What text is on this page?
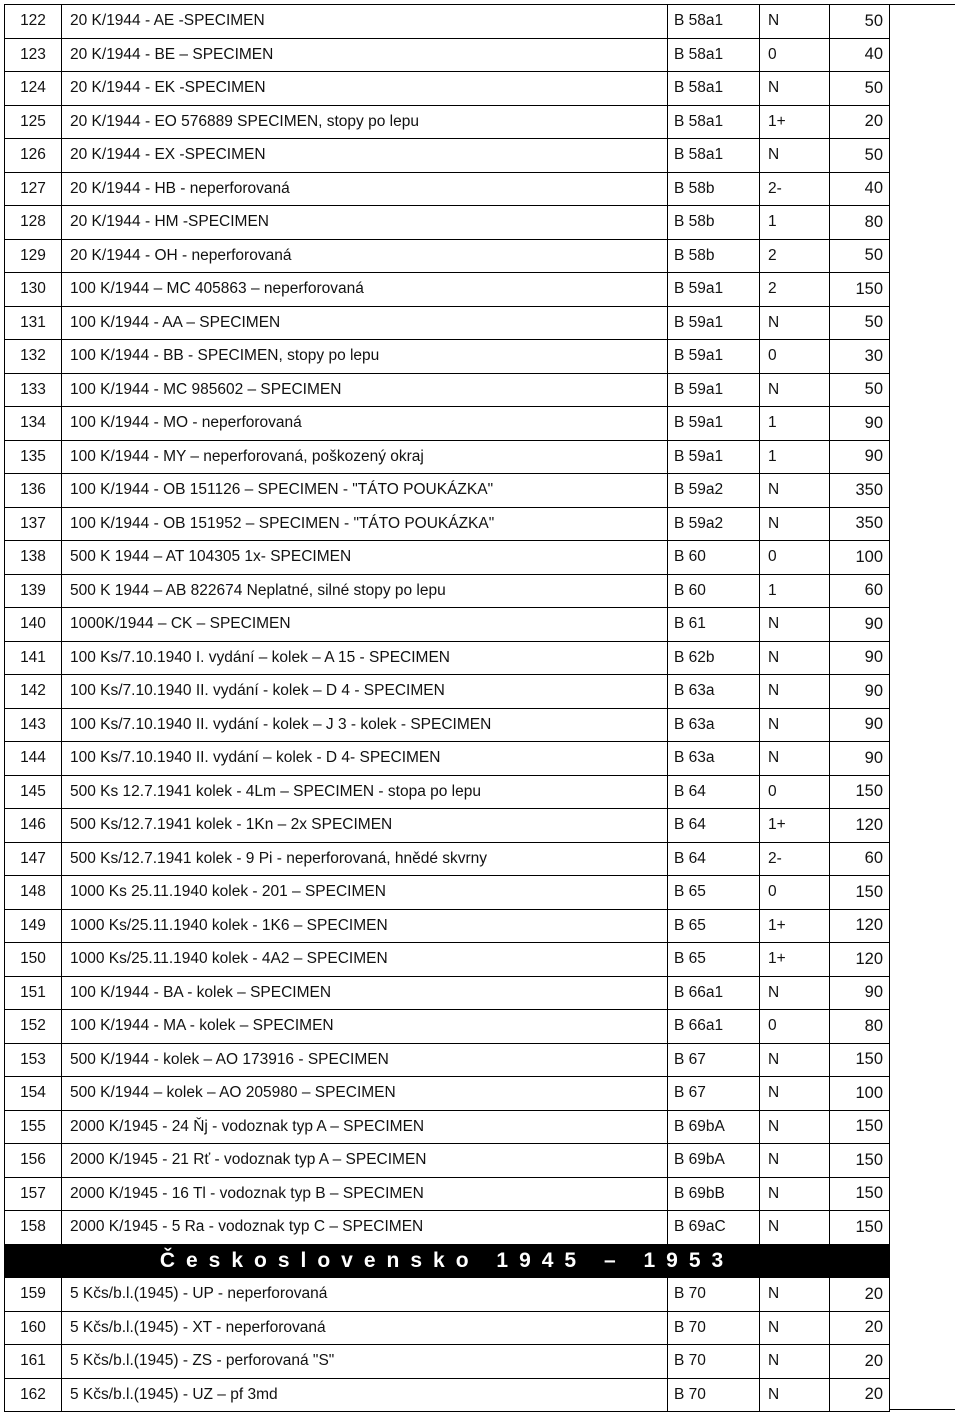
122	20 K/1944 - AE -SPECIMEN	B 58a1	N	50
123	20 K/1944 - BE – SPECIMEN	B 58a1	0	40
124	20 K/1944 - EK -SPECIMEN	B 58a1	N	50
125	20 K/1944 - EO 576889 SPECIMEN, stopy po lepu	B 58a1	1+	20
126	20 K/1944 - EX -SPECIMEN	B 58a1	N	50
127	20 K/1944 - HB - neperforovaná	B 58b	2-	40
128	20 K/1944 - HM -SPECIMEN	B 58b	1	80
129	20 K/1944 - OH - neperforovaná	B 58b	2	50
130	100 K/1944 – MC 405863 – neperforovaná	B 59a1	2	150
131	100 K/1944 - AA – SPECIMEN	B 59a1	N	50
132	100 K/1944 - BB - SPECIMEN, stopy po lepu	B 59a1	0	30
133	100 K/1944 - MC 985602 – SPECIMEN	B 59a1	N	50
134	100 K/1944 - MO - neperforovaná	B 59a1	1	90
135	100 K/1944 - MY – neperforovaná, poškozený okraj	B 59a1	1	90
136	100 K/1944 - OB 151126 – SPECIMEN - "TÁTO POUKÁZKA"	B 59a2	N	350
137	100 K/1944 - OB 151952 – SPECIMEN - "TÁTO POUKÁZKA"	B 59a2	N	350
138	500 K 1944 – AT 104305 1x- SPECIMEN	B 60	0	100
139	500 K 1944 – AB 822674 Neplatné, silné stopy po lepu	B 60	1	60
140	1000K/1944 – CK – SPECIMEN	B 61	N	90
141	100 Ks/7.10.1940 I. vydání – kolek – A 15 - SPECIMEN	B 62b	N	90
142	100 Ks/7.10.1940 II. vydání - kolek – D 4 - SPECIMEN	B 63a	N	90
143	100 Ks/7.10.1940 II. vydání - kolek – J 3 - kolek - SPECIMEN	B 63a	N	90
144	100 Ks/7.10.1940 II. vydání – kolek - D 4- SPECIMEN	B 63a	N	90
145	500 Ks 12.7.1941 kolek - 4Lm – SPECIMEN - stopa po lepu	B 64	0	150
146	500 Ks/12.7.1941 kolek - 1Kn – 2x SPECIMEN	B 64	1+	120
147	500 Ks/12.7.1941 kolek - 9 Pi - neperforovaná, hnědé skvrny	B 64	2-	60
148	1000 Ks 25.11.1940 kolek - 201 – SPECIMEN	B 65	0	150
149	1000 Ks/25.11.1940 kolek - 1K6 – SPECIMEN	B 65	1+	120
150	1000 Ks/25.11.1940 kolek - 4A2 – SPECIMEN	B 65	1+	120
151	100 K/1944 - BA - kolek – SPECIMEN	B 66a1	N	90
152	100 K/1944 - MA - kolek – SPECIMEN	B 66a1	0	80
153	500 K/1944 - kolek – AO 173916 - SPECIMEN	B 67	N	150
154	500 K/1944 – kolek – AO 205980 – SPECIMEN	B 67	N	100
155	2000 K/1945 - 24 Ňj - vodoznak typ A – SPECIMEN	B 69bA	N	150
156	2000 K/1945 - 21 Rť - vodoznak typ A – SPECIMEN	B 69bA	N	150
157	2000 K/1945 - 16 Tl - vodoznak typ B – SPECIMEN	B 69bB	N	150
158	2000 K/1945 - 5 Ra - vodoznak typ C – SPECIMEN	B 69aC	N	150
Československo 1945 – 1953				
159	5 Kčs/b.l.(1945) - UP - neperforovaná	B 70	N	20
160	5 Kčs/b.l.(1945) - XT - neperforovaná	B 70	N	20
161	5 Kčs/b.l.(1945) - ZS - perforovaná "S"	B 70	N	20
162	5 Kčs/b.l.(1945) - UZ – pf 3md	B 70	N	20
